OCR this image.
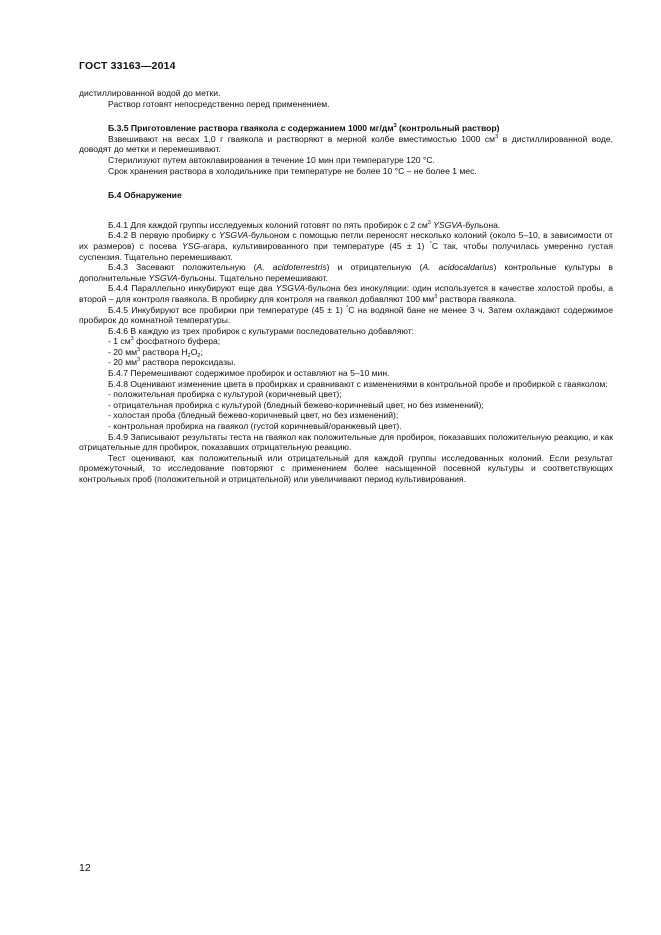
ГОСТ 33163—2014

дистиллированной водой до метки.

Раствор готовят непосредственно перед применением.

Б.3.5 Приготовление раствора гваякола с содержанием 1000 $мг/дм^3$ (контрольный раствор)

Взвешивают на весах 1,0 г гваякола и растворяют в мерной колбе вместимостью 1000 $см^3$ в дистиллированной воде, доводят до метки и перемешивают.

Стерилизуют путем автоклавирования в течение 10 мин при температуре 120 °С.

Срок хранения раствора в холодильнике при температуре не более 10 °С – не более 1 мес.

Б.4 Обнаружение

Б.4.1 Для каждой группы исследуемых колоний готовят по пять пробирок с 2 $см^3$ YSGVA-бульона.

Б.4.2 В первую пробирку с YSGVA-бульоном с помощью петли переносят несколько колоний (около 5–10, в зависимости от их размеров) с посева YSG-агара, культивированного при температуре (45 ± 1) °С так, чтобы получилась умеренно густая суспензия. Тщательно перемешивают.

Б.4.3 Засевают положительную (A. acidoterrestris) и отрицательную (A. acidocaldarius) контрольные культуры в дополнительные YSGVA-бульоны. Тщательно перемешивают.

Б.4.4 Параллельно инкубируют еще два YSGVA-бульона без инокуляции: один используется в качестве холостой пробы, а второй – для контроля гваякола. В пробирку для контроля на гваякол добавляют 100 $мм^3$ раствора гваякола.

Б.4.5 Инкубируют все пробирки при температуре (45 ± 1) °С на водяной бане не менее 3 ч. Затем охлаждают содержимое пробирок до комнатной температуры.

Б.4.6 В каждую из трех пробирок с культурами последовательно добавляют:

- 1 $см^3$ фосфатного буфера;

- 20 $мм^3$ раствора $H_2O_2$;

- 20 $мм^3$ раствора пероксидазы.

Б.4.7 Перемешивают содержимое пробирок и оставляют на 5–10 мин.

Б.4.8 Оценивают изменение цвета в пробирках и сравнивают с изменениями в контрольной пробе и пробиркой с гваяколом:

- положительная пробирка с культурой (коричневый цвет);

- отрицательная пробирка с культурой (бледный бежево-коричневый цвет, но без изменений);

- холостая проба (бледный бежево-коричневый цвет, но без изменений);

- контрольная пробирка на гваякол (густой коричневый/оранжевый цвет).

Б.4.9 Записывают результаты теста на гваякол как положительные для пробирок, показавших положительную реакцию, и как отрицательные для пробирок, показавших отрицательную реакцию.

Тест оценивают, как положительный или отрицательный для каждой группы исследованных колоний. Если результат промежуточный, то исследование повторяют с применением более насыщенной посевной культуры и соответствующих контрольных проб (положительной и отрицательной) или увеличивают период культивирования.

12
